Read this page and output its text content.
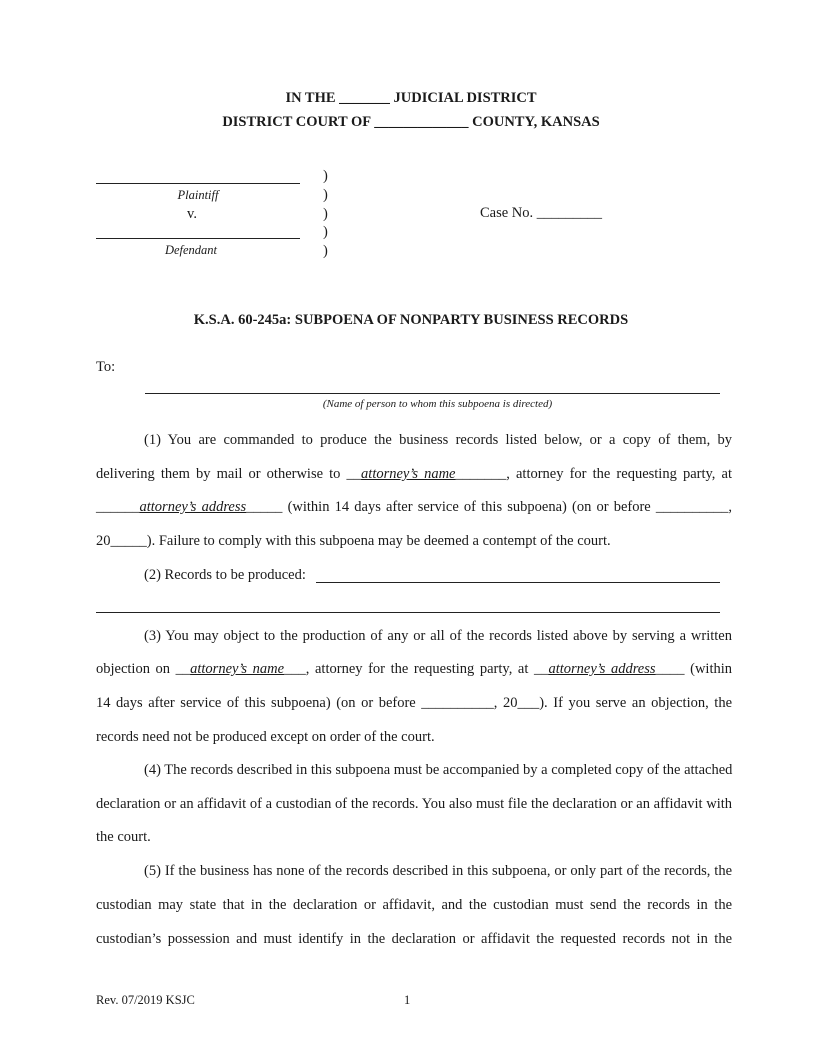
IN THE _______ JUDICIAL DISTRICT
DISTRICT COURT OF _____________ COUNTY, KANSAS
Plaintiff
v.
Defendant
)
)
)
)
)
Case No. _________
K.S.A. 60-245a: SUBPOENA OF NONPARTY BUSINESS RECORDS
To:
(Name of person to whom this subpoena is directed)
(1) You are commanded to produce the business records listed below, or a copy of them, by
delivering them by mail or otherwise to __attorney’s name_______, attorney for the requesting party, at
______attorney’s address_____ (within 14 days after service of this subpoena) (on or before __________,
20_____). Failure to comply with this subpoena may be deemed a contempt of the court.
(2) Records to be produced:
(3) You may object to the production of any or all of the records listed above by serving a written
objection on __attorney’s name___, attorney for the requesting party, at __attorney’s address____ (within
14 days after service of this subpoena) (on or before __________, 20___). If you serve an objection, the
records need not be produced except on order of the court.
(4) The records described in this subpoena must be accompanied by a completed copy of the attached
declaration or an affidavit of a custodian of the records. You also must file the declaration or an affidavit with
the court.
(5) If the business has none of the records described in this subpoena, or only part of the records, the
custodian may state that in the declaration or affidavit, and the custodian must send the records in the
custodian’s possession and must identify in the declaration or affidavit the requested records not in the
Rev. 07/2019 KSJC	1
